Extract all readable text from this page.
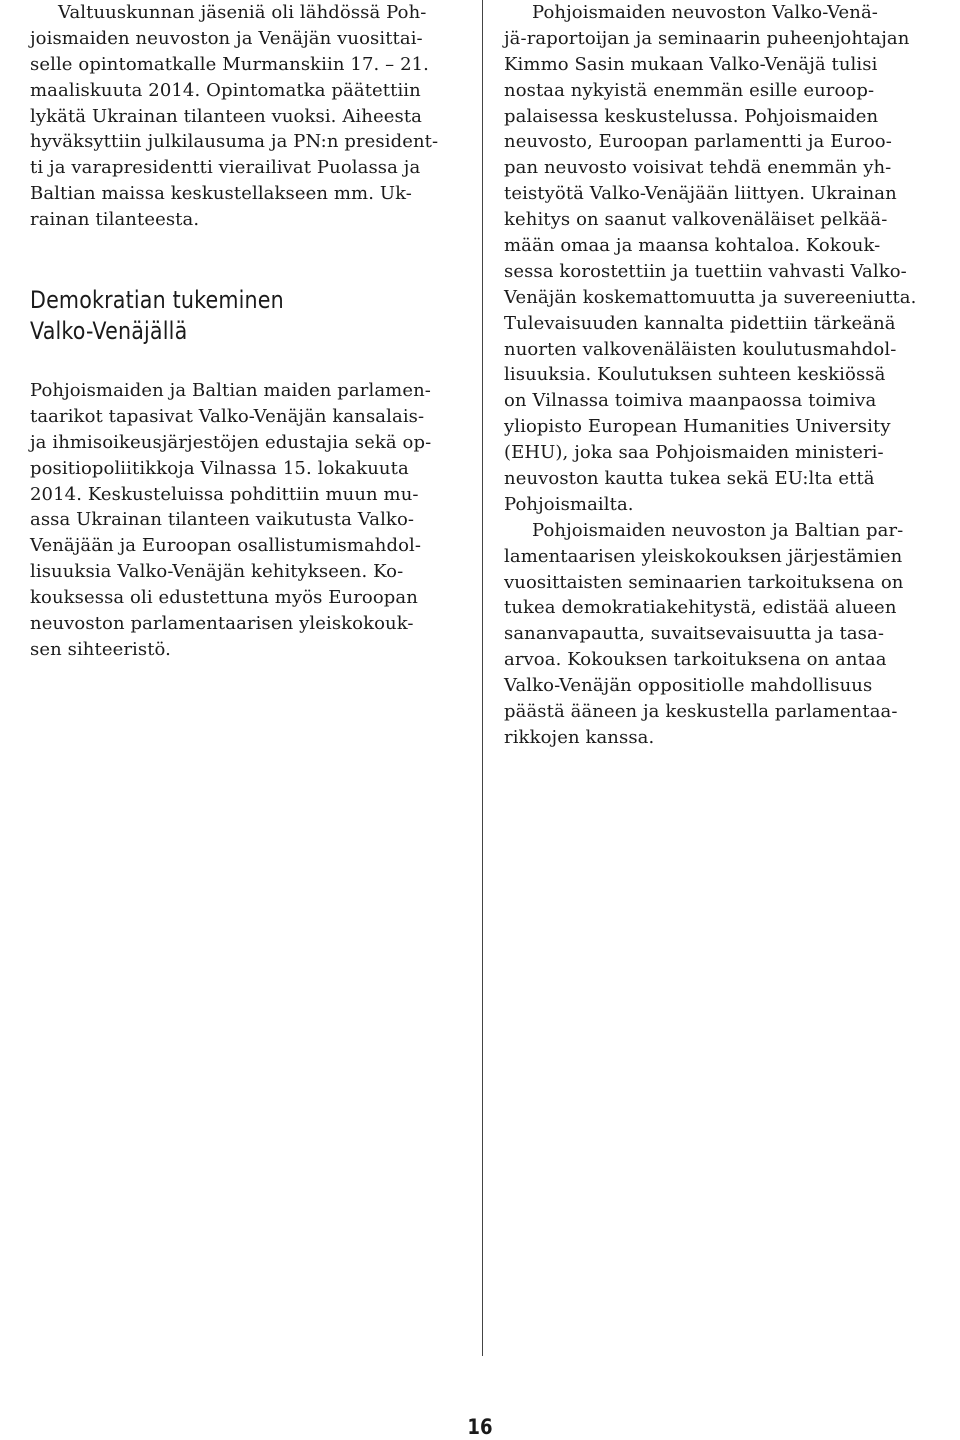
Valtuuskunnan jäseniä oli lähdössä Poh-
joismaiden neuvoston ja Venäjän vuosittai-
selle opintomatkalle Murmanskiin 17. – 21.
maaliskuuta 2014. Opintomatka päätettiin
lykätä Ukrainan tilanteen vuoksi. Aiheesta
hyväksyttiin julkilausuma ja PN:n president-
ti ja varapresidentti vierailivat Puolassa ja
Baltian maissa keskustellakseen mm. Uk-
rainan tilanteesta.
Demokratian tukeminen
Valko-Venäjällä
Pohjoismaiden ja Baltian maiden parlamen-
taarikot tapasivat Valko-Venäjän kansalais-
ja ihmisoikeusjärjestöjen edustajia sekä op-
positiopoliitikkoja Vilnassa 15. lokakuuta
2014. Keskusteluissa pohdittiin muun mu-
assa Ukrainan tilanteen vaikutusta Valko-
Venäjään ja Euroopan osallistumismahdol-
lisuuksia Valko-Venäjän kehitykseen. Ko-
kouksessa oli edustettuna myös Euroopan
neuvoston parlamentaarisen yleiskokouk-
sen sihteeristö.
Pohjoismaiden neuvoston Valko-Venä-
jä-raportoijan ja seminaarin puheenjohtajan
Kimmo Sasin mukaan Valko-Venäjä tulisi
nostaa nykyistä enemmän esille euroop-
palaisessa keskustelussa. Pohjoismaiden
neuvosto, Euroopan parlamentti ja Euroo-
pan neuvosto voisivat tehdä enemmän yh-
teistyötä Valko-Venäjään liittyen. Ukrainan
kehitys on saanut valkovenäläiset pelkää-
mään omaa ja maansa kohtaloa. Kokouk-
sessa korostettiin ja tuettiin vahvasti Valko-
Venäjän koskemattomuutta ja suvereeniutta.
Tulevaisuuden kannalta pidettiin tärkeänä
nuorten valkovenäläisten koulutusmahdol-
lisuuksia. Koulutuksen suhteen keskiössä
on Vilnassa toimiva maanpaossa toimiva
yliopisto European Humanities University
(EHU), joka saa Pohjoismaiden ministeri-
neuvoston kautta tukea sekä EU:lta että
Pohjoismailta.
Pohjoismaiden neuvoston ja Baltian par-
lamentaarisen yleiskokouksen järjestämien
vuosittaisten seminaarien tarkoituksena on
tukea demokratiakehitystä, edistää alueen
sananvapautta, suvaitsevaisuutta ja tasa-
arvoa. Kokouksen tarkoituksena on antaa
Valko-Venäjän oppositiolle mahdollisuus
päästä ääneen ja keskustella parlamentaa-
rikkojen kanssa.
16
